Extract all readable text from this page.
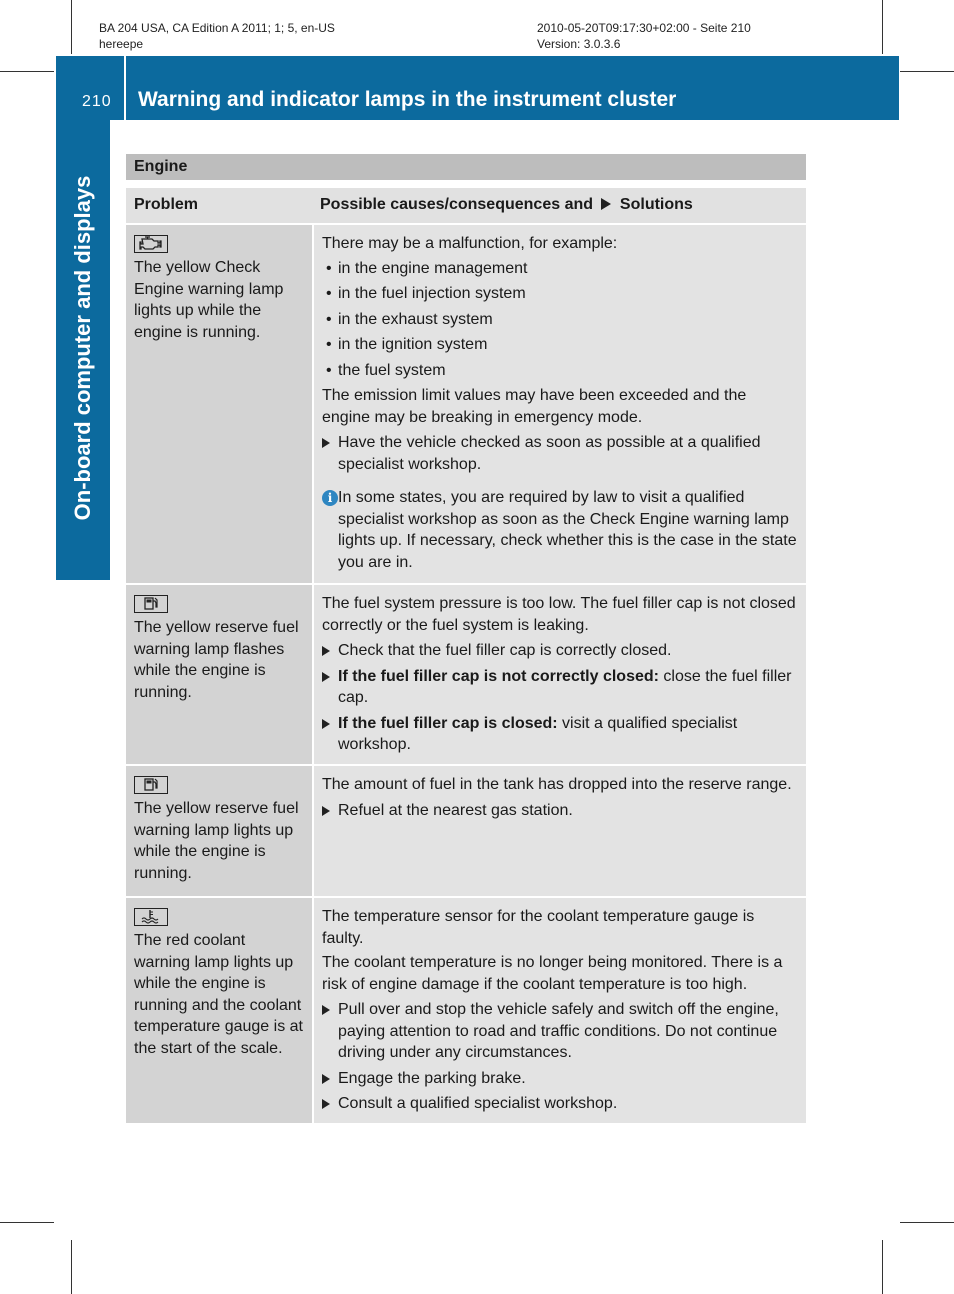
BA 204 USA, CA Edition A 2011; 1; 5, en-US
hereepe
2010-05-20T09:17:30+02:00 - Seite 210
Version: 3.0.3.6
210 Warning and indicator lamps in the instrument cluster
On-board computer and displays
Engine
Problem	Possible causes/consequences and Solutions
The yellow Check Engine warning lamp lights up while the engine is running.
There may be a malfunction, for example:
• in the engine management
• in the fuel injection system
• in the exhaust system
• in the ignition system
• the fuel system
The emission limit values may have been exceeded and the engine may be breaking in emergency mode.
Have the vehicle checked as soon as possible at a qualified specialist workshop.
i In some states, you are required by law to visit a qualified specialist workshop as soon as the Check Engine warning lamp lights up. If necessary, check whether this is the case in the state you are in.
The yellow reserve fuel warning lamp flashes while the engine is running.
The fuel system pressure is too low. The fuel filler cap is not closed correctly or the fuel system is leaking.
Check that the fuel filler cap is correctly closed.
If the fuel filler cap is not correctly closed: close the fuel filler cap.
If the fuel filler cap is closed: visit a qualified specialist workshop.
The yellow reserve fuel warning lamp lights up while the engine is running.
The amount of fuel in the tank has dropped into the reserve range.
Refuel at the nearest gas station.
The red coolant warning lamp lights up while the engine is running and the coolant temperature gauge is at the start of the scale.
The temperature sensor for the coolant temperature gauge is faulty.
The coolant temperature is no longer being monitored. There is a risk of engine damage if the coolant temperature is too high.
Pull over and stop the vehicle safely and switch off the engine, paying attention to road and traffic conditions. Do not continue driving under any circumstances.
Engage the parking brake.
Consult a qualified specialist workshop.
